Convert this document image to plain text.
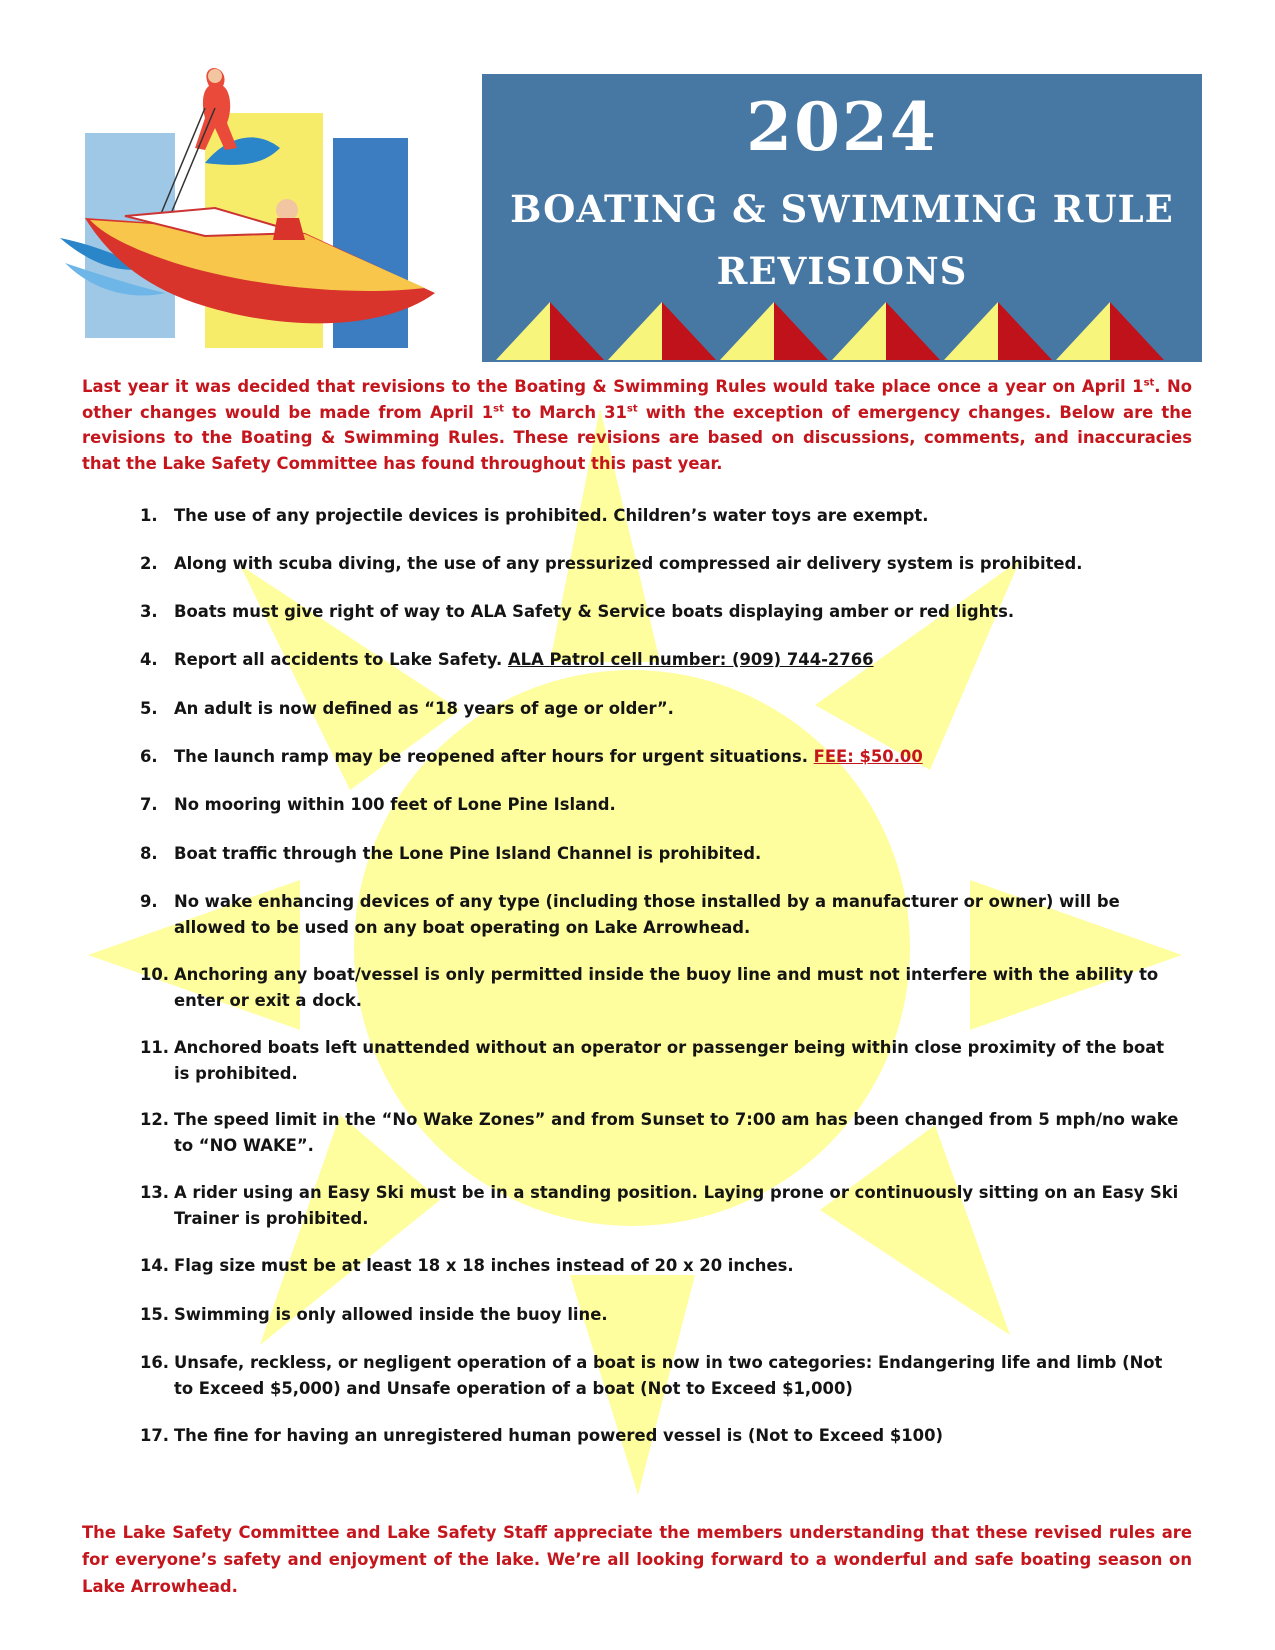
2024
BOATING & SWIMMING RULE
REVISIONS
Last year it was decided that revisions to the Boating & Swimming Rules would take place once a year on April 1st. No other changes would be made from April 1st to March 31st with the exception of emergency changes. Below are the revisions to the Boating & Swimming Rules. These revisions are based on discussions, comments, and inaccuracies that the Lake Safety Committee has found throughout this past year.
1. The use of any projectile devices is prohibited. Children’s water toys are exempt.
2. Along with scuba diving, the use of any pressurized compressed air delivery system is prohibited.
3. Boats must give right of way to ALA Safety & Service boats displaying amber or red lights.
4. Report all accidents to Lake Safety. ALA Patrol cell number: (909) 744-2766
5. An adult is now defined as “18 years of age or older”.
6. The launch ramp may be reopened after hours for urgent situations. FEE: $50.00
7. No mooring within 100 feet of Lone Pine Island.
8. Boat traffic through the Lone Pine Island Channel is prohibited.
9. No wake enhancing devices of any type (including those installed by a manufacturer or owner) will be allowed to be used on any boat operating on Lake Arrowhead.
10. Anchoring any boat/vessel is only permitted inside the buoy line and must not interfere with the ability to enter or exit a dock.
11. Anchored boats left unattended without an operator or passenger being within close proximity of the boat is prohibited.
12. The speed limit in the “No Wake Zones” and from Sunset to 7:00 am has been changed from 5 mph/no wake to “NO WAKE”.
13. A rider using an Easy Ski must be in a standing position. Laying prone or continuously sitting on an Easy Ski Trainer is prohibited.
14. Flag size must be at least 18 x 18 inches instead of 20 x 20 inches.
15. Swimming is only allowed inside the buoy line.
16. Unsafe, reckless, or negligent operation of a boat is now in two categories: Endangering life and limb (Not to Exceed $5,000) and Unsafe operation of a boat (Not to Exceed $1,000)
17. The fine for having an unregistered human powered vessel is (Not to Exceed $100)
The Lake Safety Committee and Lake Safety Staff appreciate the members understanding that these revised rules are for everyone’s safety and enjoyment of the lake. We’re all looking forward to a wonderful and safe boating season on Lake Arrowhead.
